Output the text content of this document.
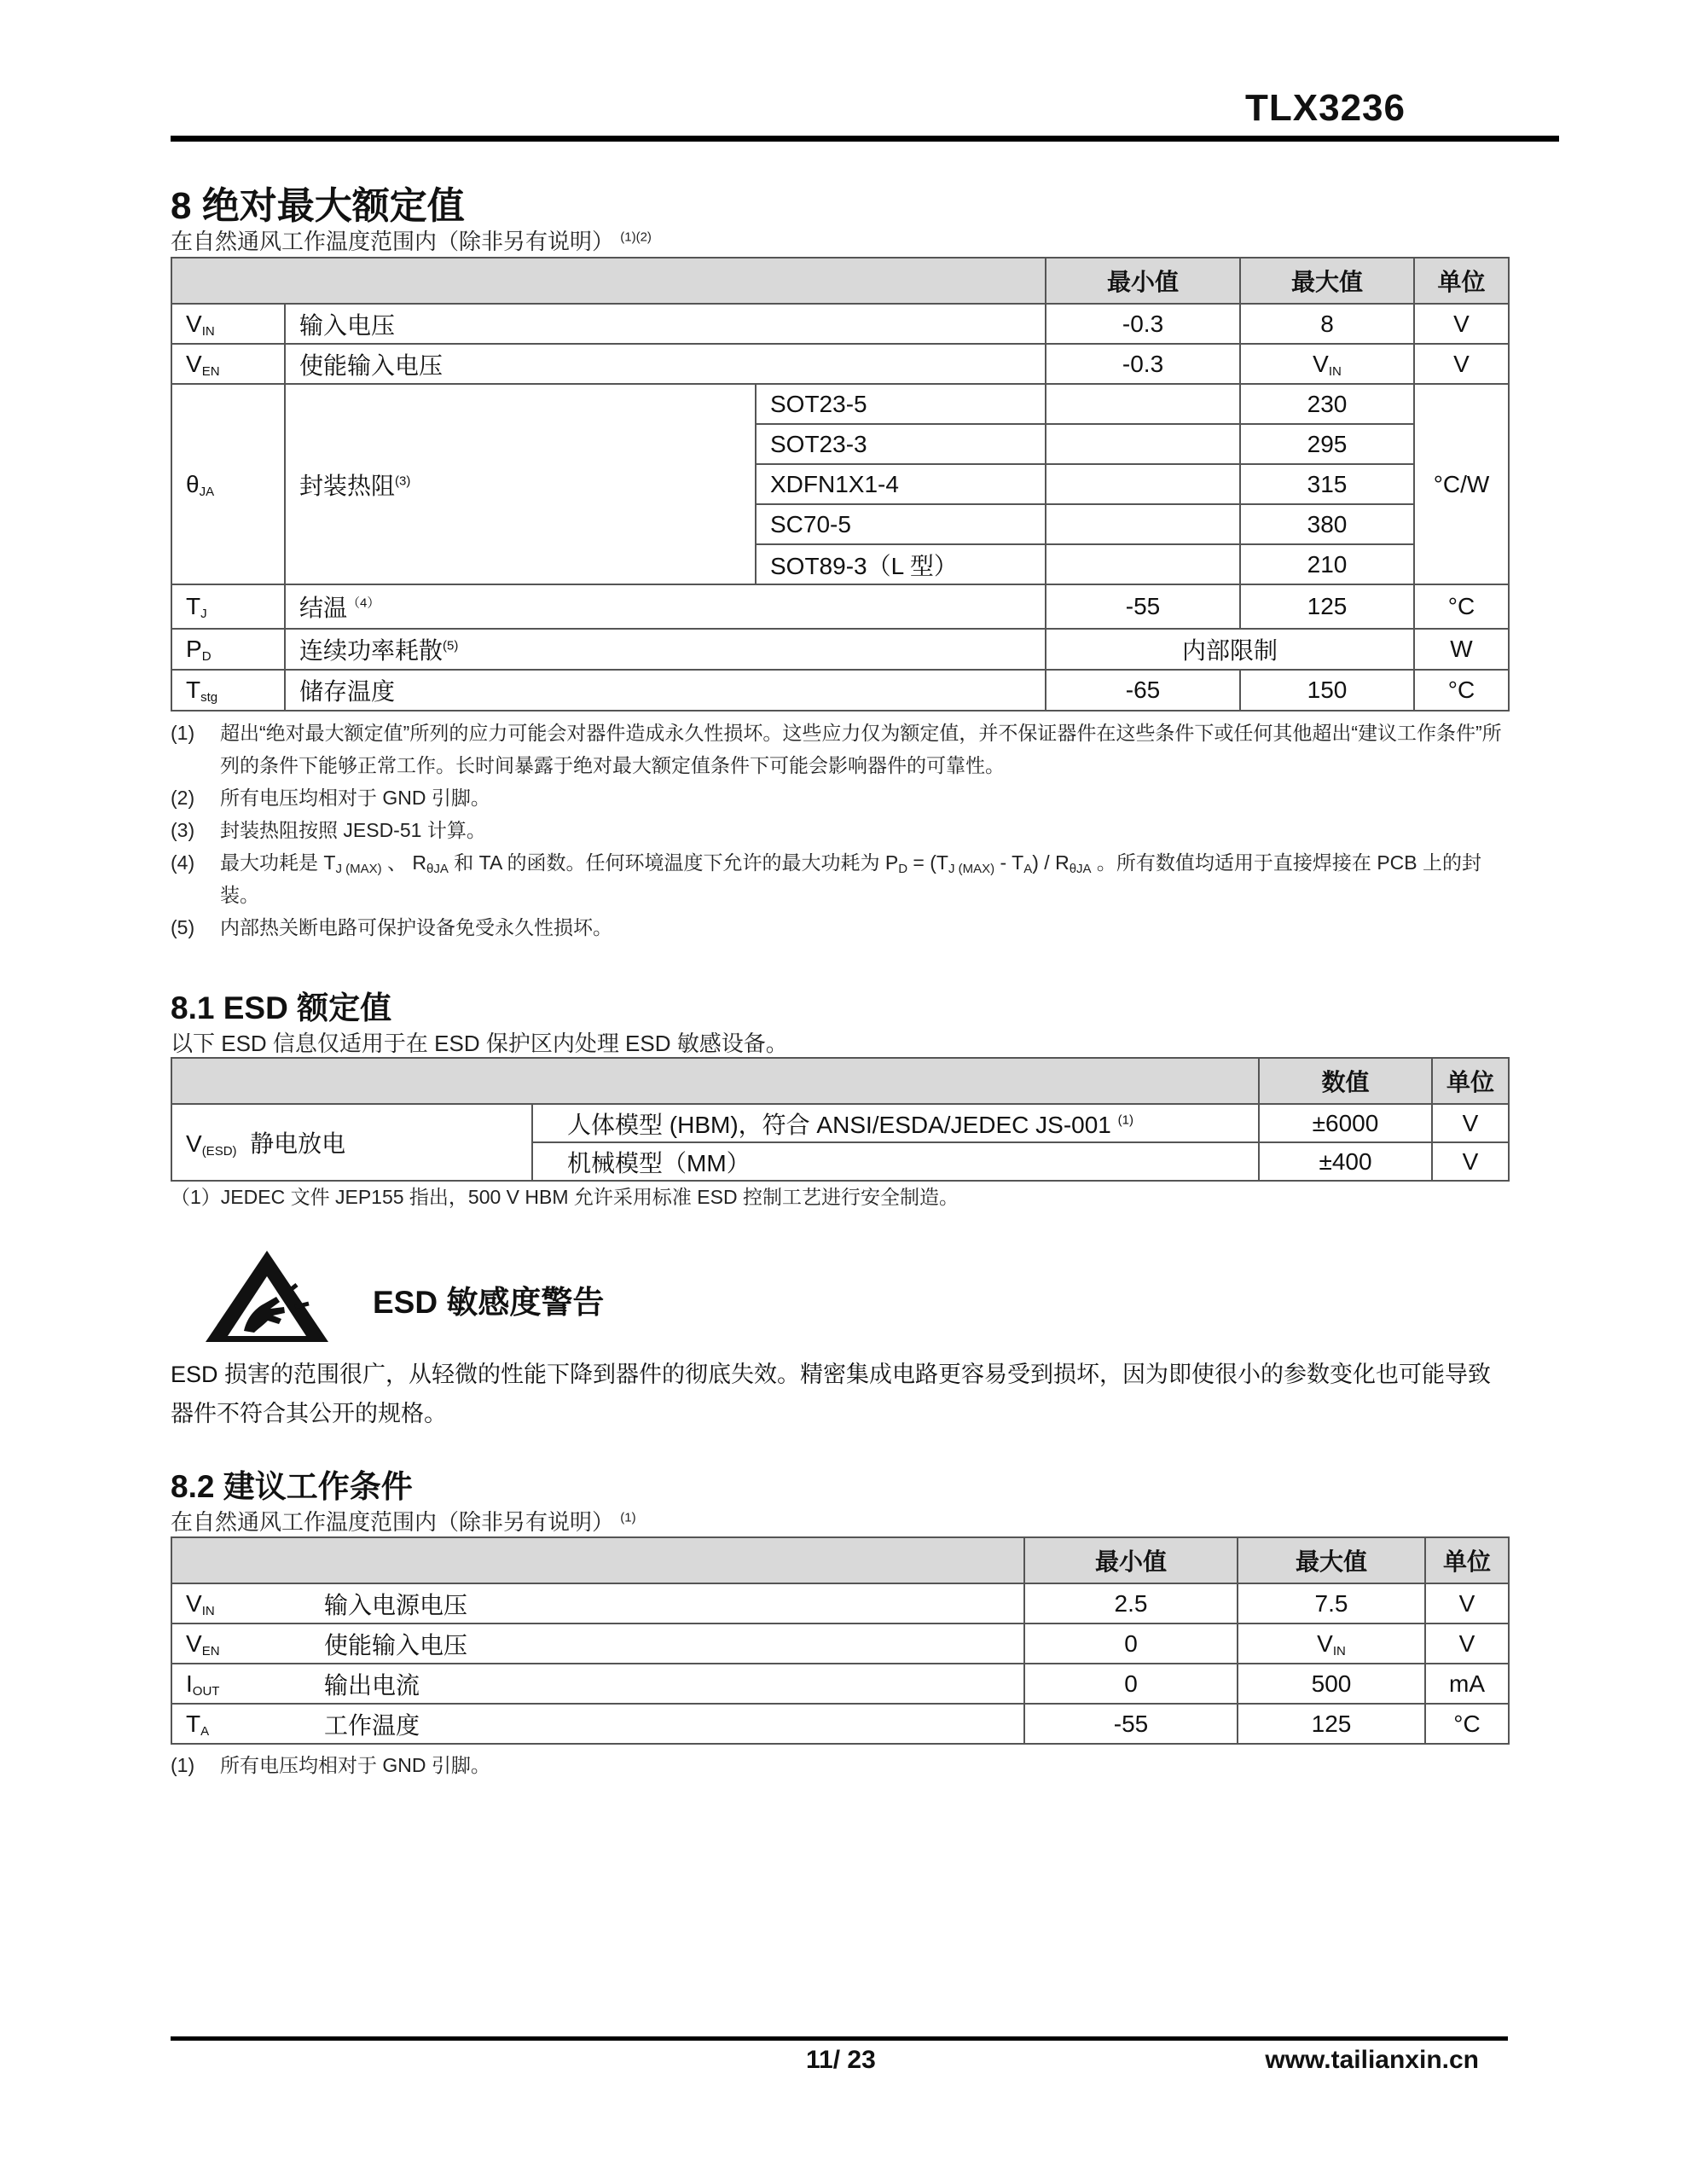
TLX3236
8 绝对最大额定值
在自然通风工作温度范围内（除非另有说明） $^{(1)(2)}$
			最小值	最大值	单位
$V_{IN}$	输入电压		-0.3	8	V
$V_{EN}$	使能输入电压		-0.3	$V_{IN}$	V
$\theta_{JA}$	封装热阻$^{(3)}$	SOT23-5		230	°C/W
		SOT23-3		295	
		XDFN1X1-4		315	
		SC70-5		380	
		SOT89-3（L 型）		210	
$T_J$	结温$^{(4)}$		-55	125	°C
$P_D$	连续功率耗散$^{(5)}$		内部限制		W
$T_{stg}$	储存温度		-65	150	°C
(1)	超出“绝对最大额定值”所列的应力可能会对器件造成永久性损坏。这些应力仅为额定值，并不保证器件在这些条件下或任何其他超出“建议工作条件”所列的条件下能够正常工作。长时间暴露于绝对最大额定值条件下可能会影响器件的可靠性。
(2)	所有电压均相对于 GND 引脚。
(3)	封装热阻按照 JESD-51 计算。
(4)	最大功耗是 $T_{J (MAX)}$ 、 $R_{\theta JA}$ 和 TA 的函数。任何环境温度下允许的最大功耗为 $P_D = (T_{J (MAX)} - T_A) / R_{\theta JA}$ 。所有数值均适用于直接焊接在 PCB 上的封装。
(5)	内部热关断电路可保护设备免受永久性损坏。
8.1 ESD 额定值
以下 ESD 信息仅适用于在 ESD 保护区内处理 ESD 敏感设备。
		数值	单位
$V_{(ESD)}$ 静电放电	人体模型 (HBM)，符合 ANSI/ESDA/JEDEC JS-001 $^{(1)}$	±6000	V
	机械模型（MM）	±400	V
（1）JEDEC 文件 JEP155 指出，500 V HBM 允许采用标准 ESD 控制工艺进行安全制造。
ESD 敏感度警告
ESD 损害的范围很广，从轻微的性能下降到器件的彻底失效。精密集成电路更容易受到损坏，因为即使很小的参数变化也可能导致器件不符合其公开的规格。
8.2 建议工作条件
在自然通风工作温度范围内（除非另有说明） $^{(1)}$
		最小值	最大值	单位
$V_{IN}$	输入电源电压	2.5	7.5	V
$V_{EN}$	使能输入电压	0	$V_{IN}$	V
$I_{OUT}$	输出电流	0	500	mA
$T_A$	工作温度	-55	125	°C
(1)	所有电压均相对于 GND 引脚。
11/ 23	www.tailianxin.cn
